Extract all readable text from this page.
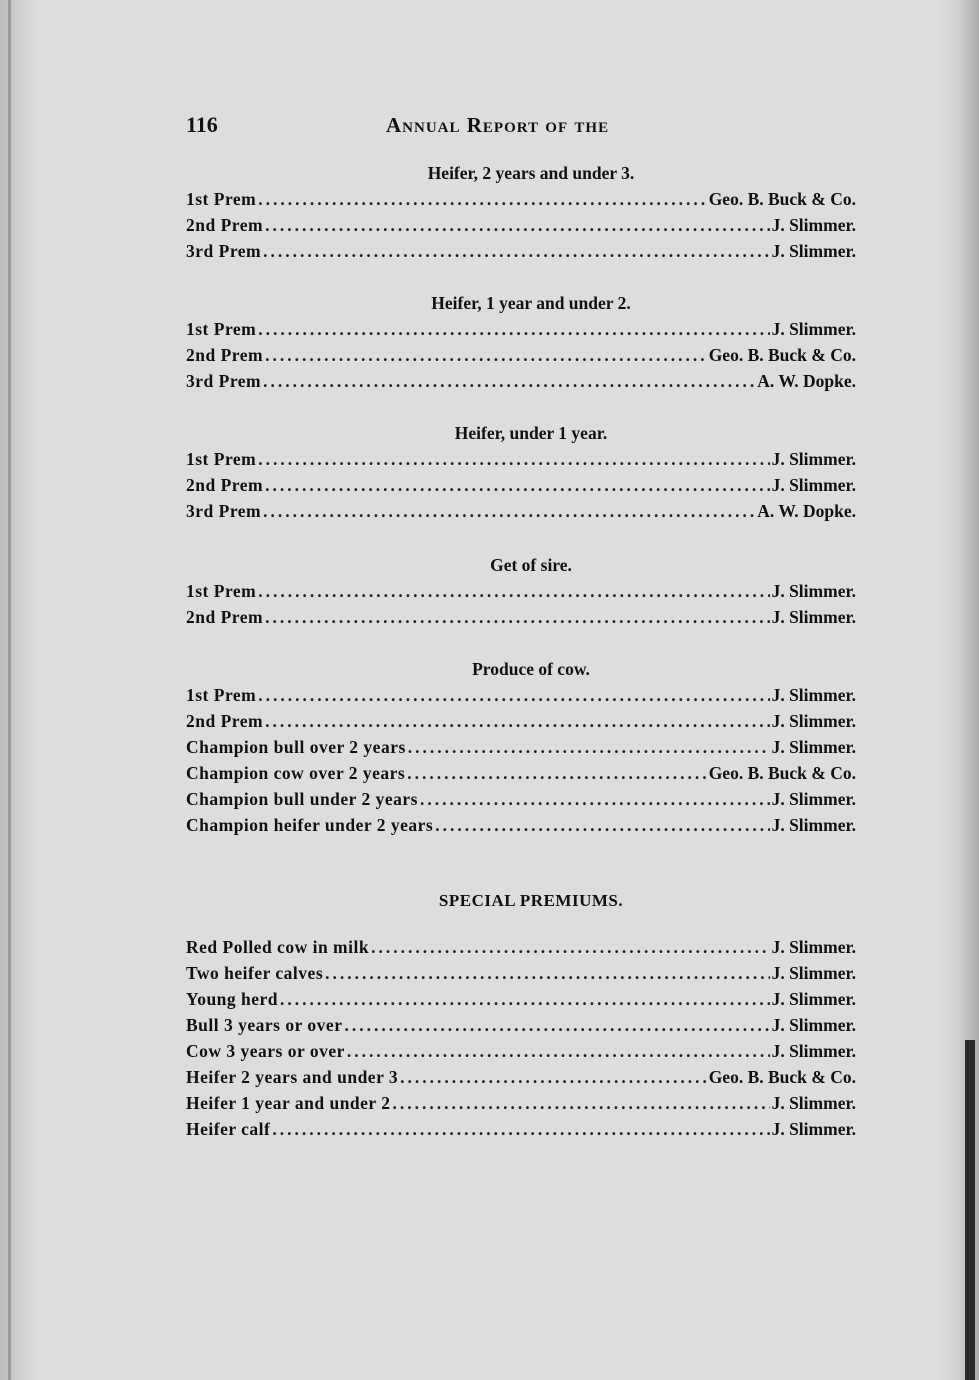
116	Annual Report of the
Heifer, 2 years and under 3.
1st Prem .....	Geo. B. Buck & Co.
2nd Prem .....	J. Slimmer.
3rd Prem .....	J. Slimmer.
Heifer, 1 year and under 2.
1st Prem .....	J. Slimmer.
2nd Prem .....	Geo. B. Buck & Co.
3rd Prem .....	A. W. Dopke.
Heifer, under 1 year.
1st Prem .....	J. Slimmer.
2nd Prem .....	J. Slimmer.
3rd Prem .....	A. W. Dopke.
Get of sire.
1st Prem .....	J. Slimmer.
2nd Prem .....	J. Slimmer.
Produce of cow.
1st Prem .....	J. Slimmer.
2nd Prem .....	J. Slimmer.
Champion bull over 2 years .....	J. Slimmer.
Champion cow over 2 years .....	Geo. B. Buck & Co.
Champion bull under 2 years .....	J. Slimmer.
Champion heifer under 2 years .....	J. Slimmer.
SPECIAL PREMIUMS.
Red Polled cow in milk .....	J. Slimmer.
Two heifer calves .....	J. Slimmer.
Young herd .....	J. Slimmer.
Bull 3 years or over .....	J. Slimmer.
Cow 3 years or over .....	J. Slimmer.
Heifer 2 years and under 3 .....	Geo. B. Buck & Co.
Heifer 1 year and under 2 .....	J. Slimmer.
Heifer calf .....	J. Slimmer.
